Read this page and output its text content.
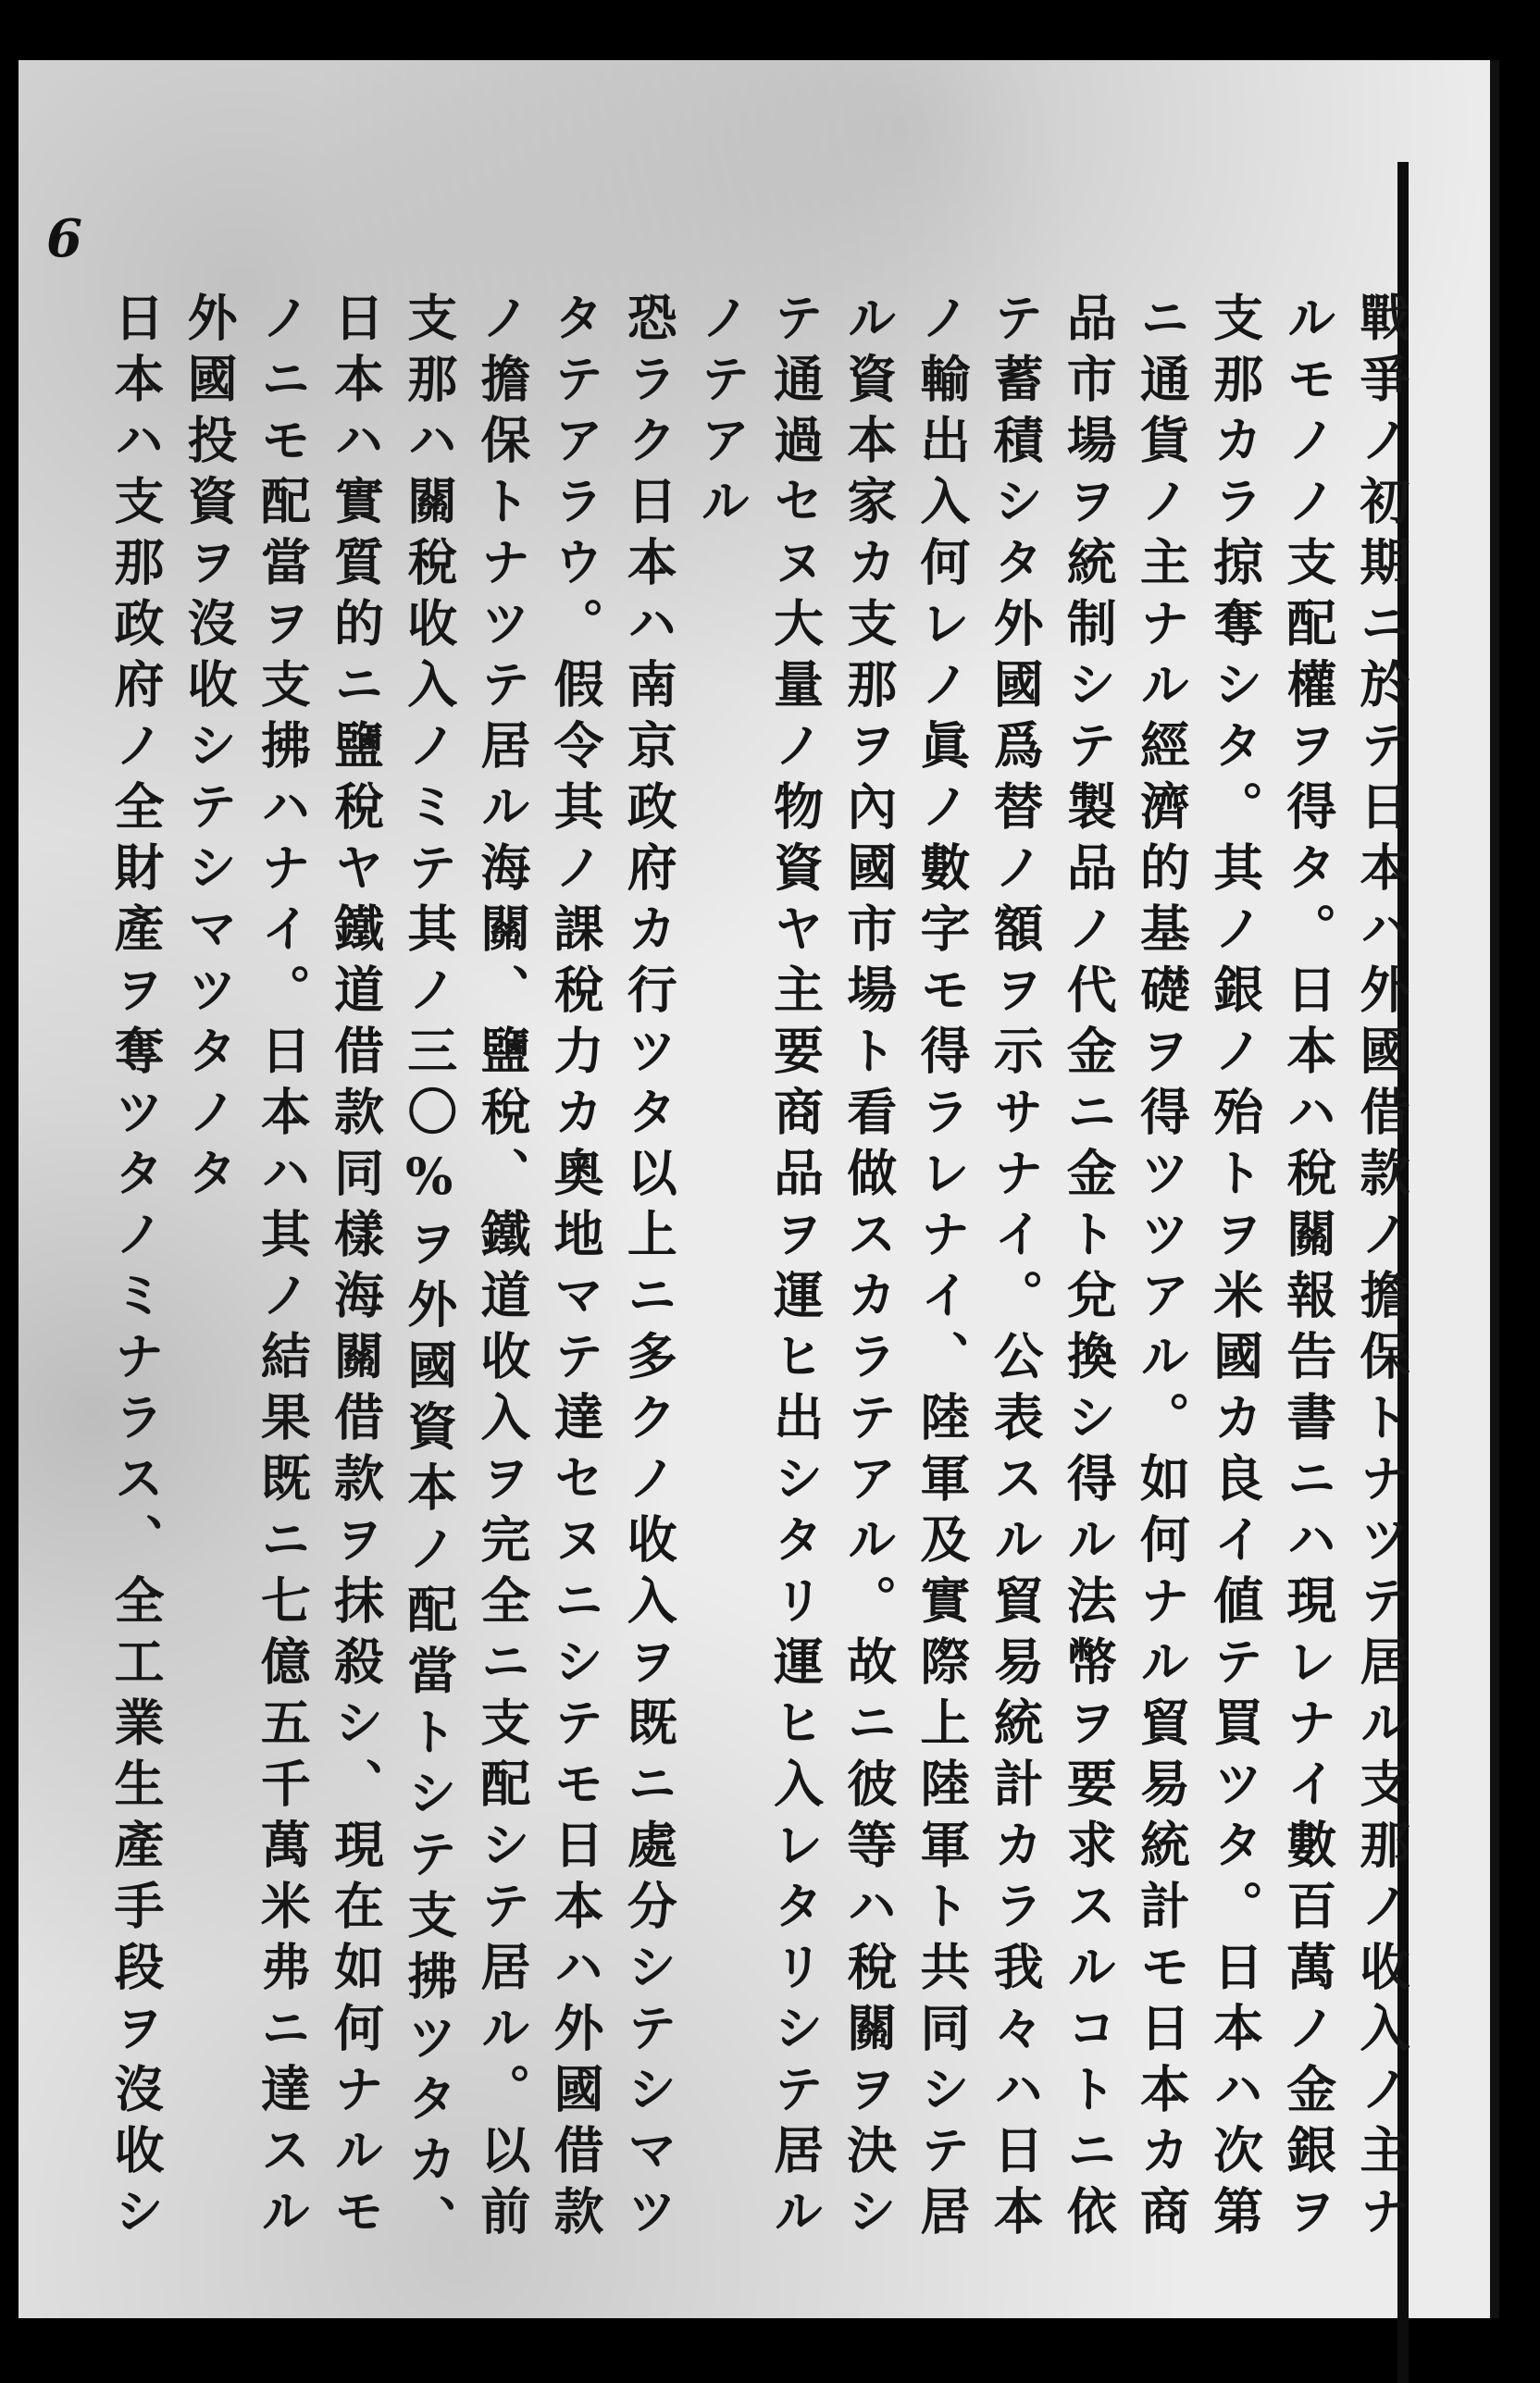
6
戰爭ノ初期ニ於テ日本ハ外國借款ノ擔保トナツテ居ル支那ノ收入ノ主ナ
ルモノノ支配權ヲ得タ。日本ハ稅關報告書ニハ現レナイ數百萬ノ金銀ヲ
支那カラ掠奪シタ。其ノ銀ノ殆トヲ米國カ良イ値テ買ツタ。日本ハ次第
ニ通貨ノ主ナル經濟的基礎ヲ得ツツアル。如何ナル貿易統計モ日本カ商
品市場ヲ統制シテ製品ノ代金ニ金ト兌換シ得ル法幣ヲ要求スルコトニ依
テ蓄積シタ外國爲替ノ額ヲ示サナイ。公表スル貿易統計カラ我々ハ日本
ノ輸出入何レノ眞ノ數字モ得ラレナイ、陸軍及實際上陸軍ト共同シテ居
ル資本家カ支那ヲ內國市場ト看做スカラテアル。故ニ彼等ハ稅關ヲ決シ
テ通過セヌ大量ノ物資ヤ主要商品ヲ運ヒ出シタリ運ヒ入レタリシテ居ル
ノテアル
恐ラク日本ハ南京政府カ行ツタ以上ニ多クノ收入ヲ既ニ處分シテシマツ
タテアラウ。假令其ノ課稅力カ奧地マテ達セヌニシテモ日本ハ外國借款
ノ擔保トナツテ居ル海關、鹽稅、鐵道收入ヲ完全ニ支配シテ居ル。以前
支那ハ關稅收入ノミテ其ノ三〇%ヲ外國資本ノ配當トシテ支拂ツタカ、
日本ハ實質的ニ鹽稅ヤ鐵道借款同樣海關借款ヲ抹殺シ、現在如何ナルモ
ノニモ配當ヲ支拂ハナイ。日本ハ其ノ結果既ニ七億五千萬米弗ニ達スル
外國投資ヲ沒收シテシマツタノタ
日本ハ支那政府ノ全財產ヲ奪ツタノミナラス、全工業生產手段ヲ沒收シ
